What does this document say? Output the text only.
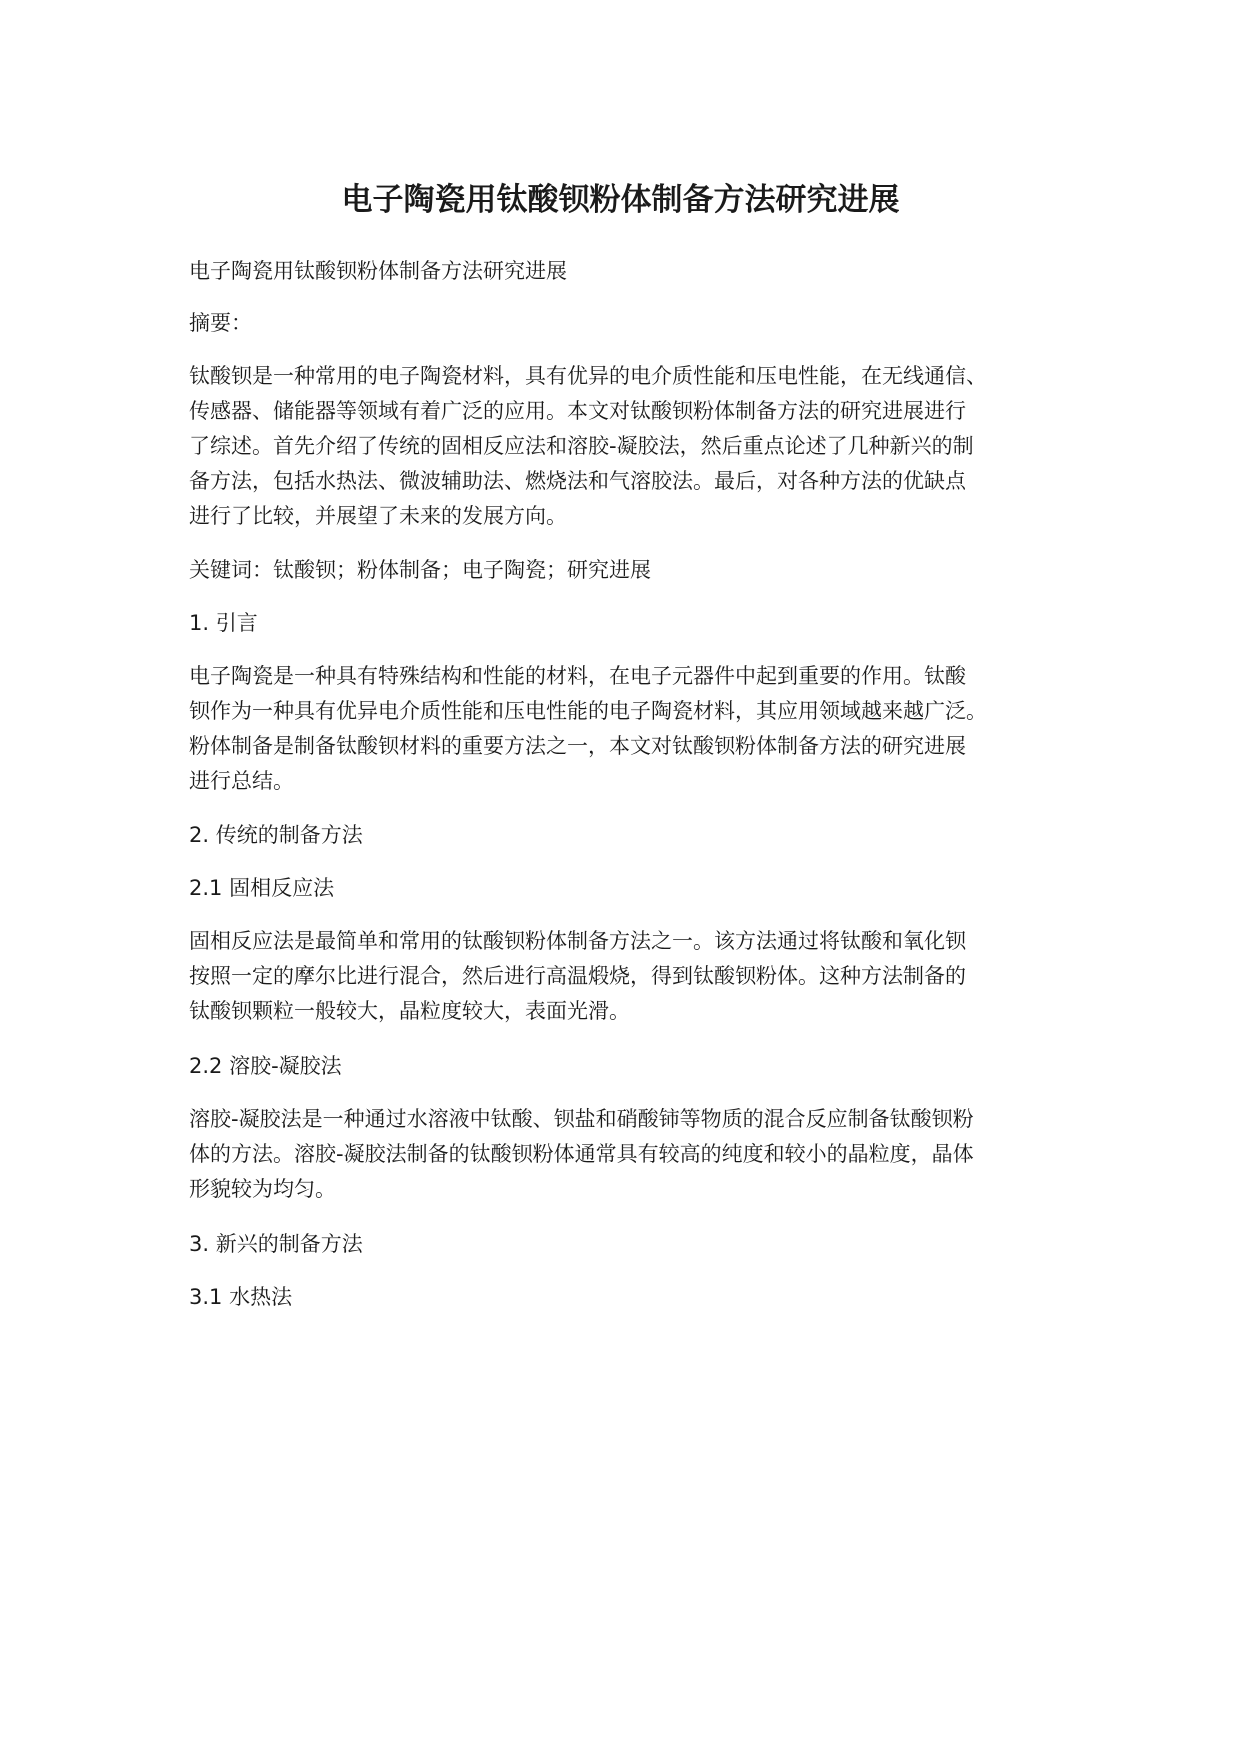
电子陶瓷用钛酸钡粉体制备方法研究进展
电子陶瓷用钛酸钡粉体制备方法研究进展
摘要：
钛酸钡是一种常用的电子陶瓷材料，具有优异的电介质性能和压电性能，在无线通信、
传感器、储能器等领域有着广泛的应用。本文对钛酸钡粉体制备方法的研究进展进行
了综述。首先介绍了传统的固相反应法和溶胶-凝胶法，然后重点论述了几种新兴的制
备方法，包括水热法、微波辅助法、燃烧法和气溶胶法。最后，对各种方法的优缺点
进行了比较，并展望了未来的发展方向。
关键词：钛酸钡；粉体制备；电子陶瓷；研究进展
1. 引言
电子陶瓷是一种具有特殊结构和性能的材料，在电子元器件中起到重要的作用。钛酸
钡作为一种具有优异电介质性能和压电性能的电子陶瓷材料，其应用领域越来越广泛。
粉体制备是制备钛酸钡材料的重要方法之一，本文对钛酸钡粉体制备方法的研究进展
进行总结。
2. 传统的制备方法
2.1 固相反应法
固相反应法是最简单和常用的钛酸钡粉体制备方法之一。该方法通过将钛酸和氧化钡
按照一定的摩尔比进行混合，然后进行高温煅烧，得到钛酸钡粉体。这种方法制备的
钛酸钡颗粒一般较大，晶粒度较大，表面光滑。
2.2 溶胶-凝胶法
溶胶-凝胶法是一种通过水溶液中钛酸、钡盐和硝酸铈等物质的混合反应制备钛酸钡粉
体的方法。溶胶-凝胶法制备的钛酸钡粉体通常具有较高的纯度和较小的晶粒度，晶体
形貌较为均匀。
3. 新兴的制备方法
3.1 水热法
